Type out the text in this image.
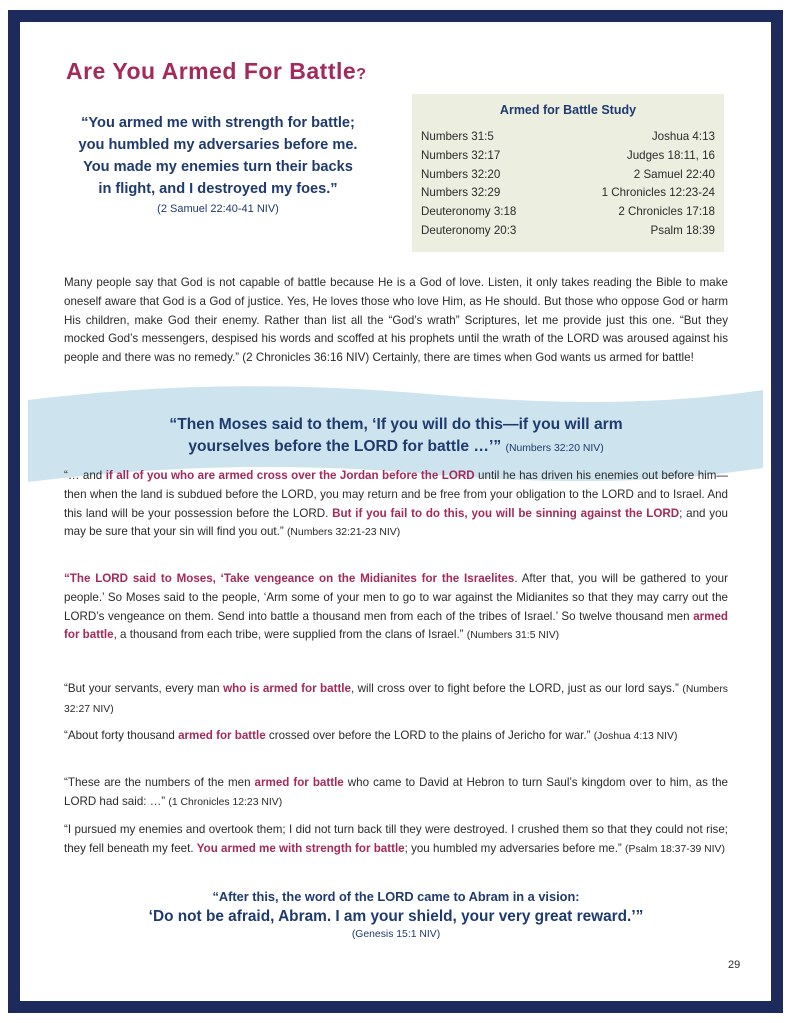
Are You Armed For Battle?
“You armed me with strength for battle; you humbled my adversaries before me. You made my enemies turn their backs in flight, and I destroyed my foes.”
(2 Samuel 22:40-41 NIV)
Armed for Battle Study
Numbers 31:5	Joshua 4:13
Numbers 32:17	Judges 18:11, 16
Numbers 32:20	2 Samuel 22:40
Numbers 32:29	1 Chronicles 12:23-24
Deuteronomy 3:18	2 Chronicles 17:18
Deuteronomy 20:3	Psalm 18:39
Many people say that God is not capable of battle because He is a God of love. Listen, it only takes reading the Bible to make oneself aware that God is a God of justice. Yes, He loves those who love Him, as He should. But those who oppose God or harm His children, make God their enemy. Rather than list all the “God’s wrath” Scriptures, let me provide just this one. “But they mocked God’s messengers, despised his words and scoffed at his prophets until the wrath of the LORD was aroused against his people and there was no remedy.” (2 Chronicles 36:16 NIV) Certainly, there are times when God wants us armed for battle!
“Then Moses said to them, ‘If you will do this—if you will arm
yourselves before the LORD for battle …’” (Numbers 32:20 NIV)
“… and if all of you who are armed cross over the Jordan before the LORD until he has driven his enemies out before him—then when the land is subdued before the LORD, you may return and be free from your obligation to the LORD and to Israel. And this land will be your possession before the LORD. But if you fail to do this, you will be sinning against the LORD; and you may be sure that your sin will find you out.” (Numbers 32:21-23 NIV)
“The LORD said to Moses, ‘Take vengeance on the Midianites for the Israelites. After that, you will be gathered to your people.’ So Moses said to the people, ‘Arm some of your men to go to war against the Midianites so that they may carry out the LORD’s vengeance on them. Send into battle a thousand men from each of the tribes of Israel.’ So twelve thousand men armed for battle, a thousand from each tribe, were supplied from the clans of Israel.” (Numbers 31:5 NIV)
“But your servants, every man who is armed for battle, will cross over to fight before the LORD, just as our lord says.” (Numbers 32:27 NIV)
“About forty thousand armed for battle crossed over before the LORD to the plains of Jericho for war.” (Joshua 4:13 NIV)
“These are the numbers of the men armed for battle who came to David at Hebron to turn Saul’s kingdom over to him, as the LORD had said: …” (1 Chronicles 12:23 NIV)
“I pursued my enemies and overtook them; I did not turn back till they were destroyed. I crushed them so that they could not rise; they fell beneath my feet. You armed me with strength for battle; you humbled my adversaries before me.” (Psalm 18:37-39 NIV)
“After this, the word of the LORD came to Abram in a vision:
‘Do not be afraid, Abram. I am your shield, your very great reward.’”
(Genesis 15:1 NIV)
29
